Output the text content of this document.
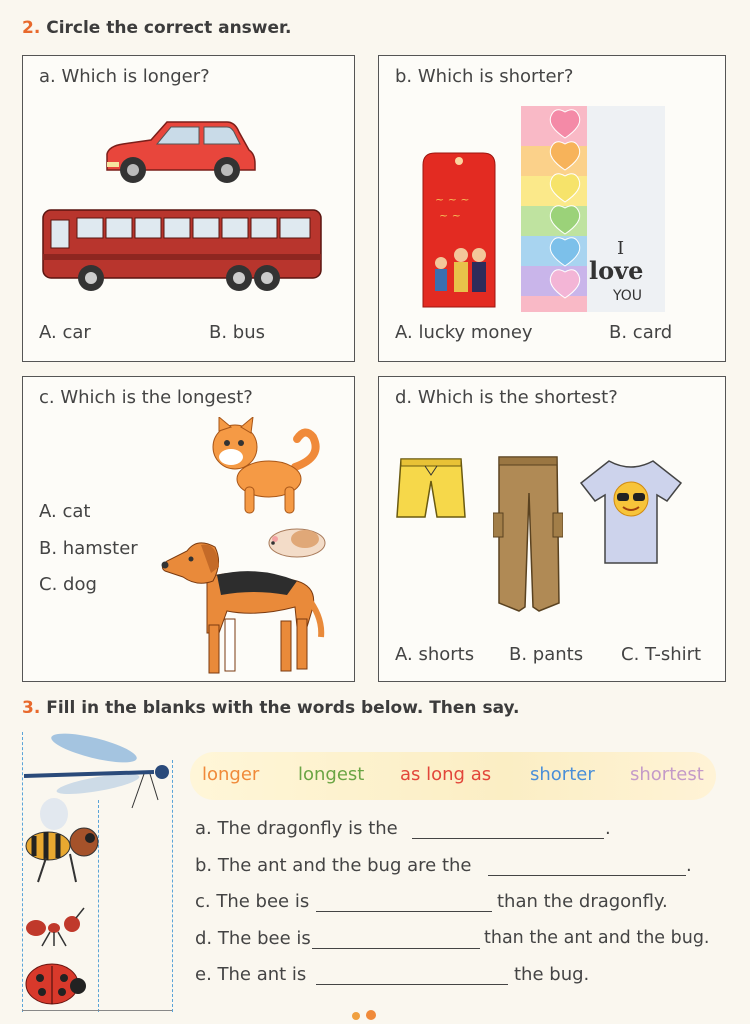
2. Circle the correct answer.
a. Which is longer?
A. car	B. bus
b. Which is shorter?
~ ~ ~
~ ~
I
love
YOU
A. lucky money	B. card
c. Which is the longest?
A. cat
B. hamster
C. dog
d. Which is the shortest?
A. shorts B. pants C. T-shirt
3. Fill in the blanks with the words below. Then say.
longer longest as long as shorter shortest
a. The dragonfly is the	.
b. The ant and the bug are the	.
c. The bee is	than the dragonfly.
d. The bee is	than the ant and the bug.
e. The ant is	the bug.
